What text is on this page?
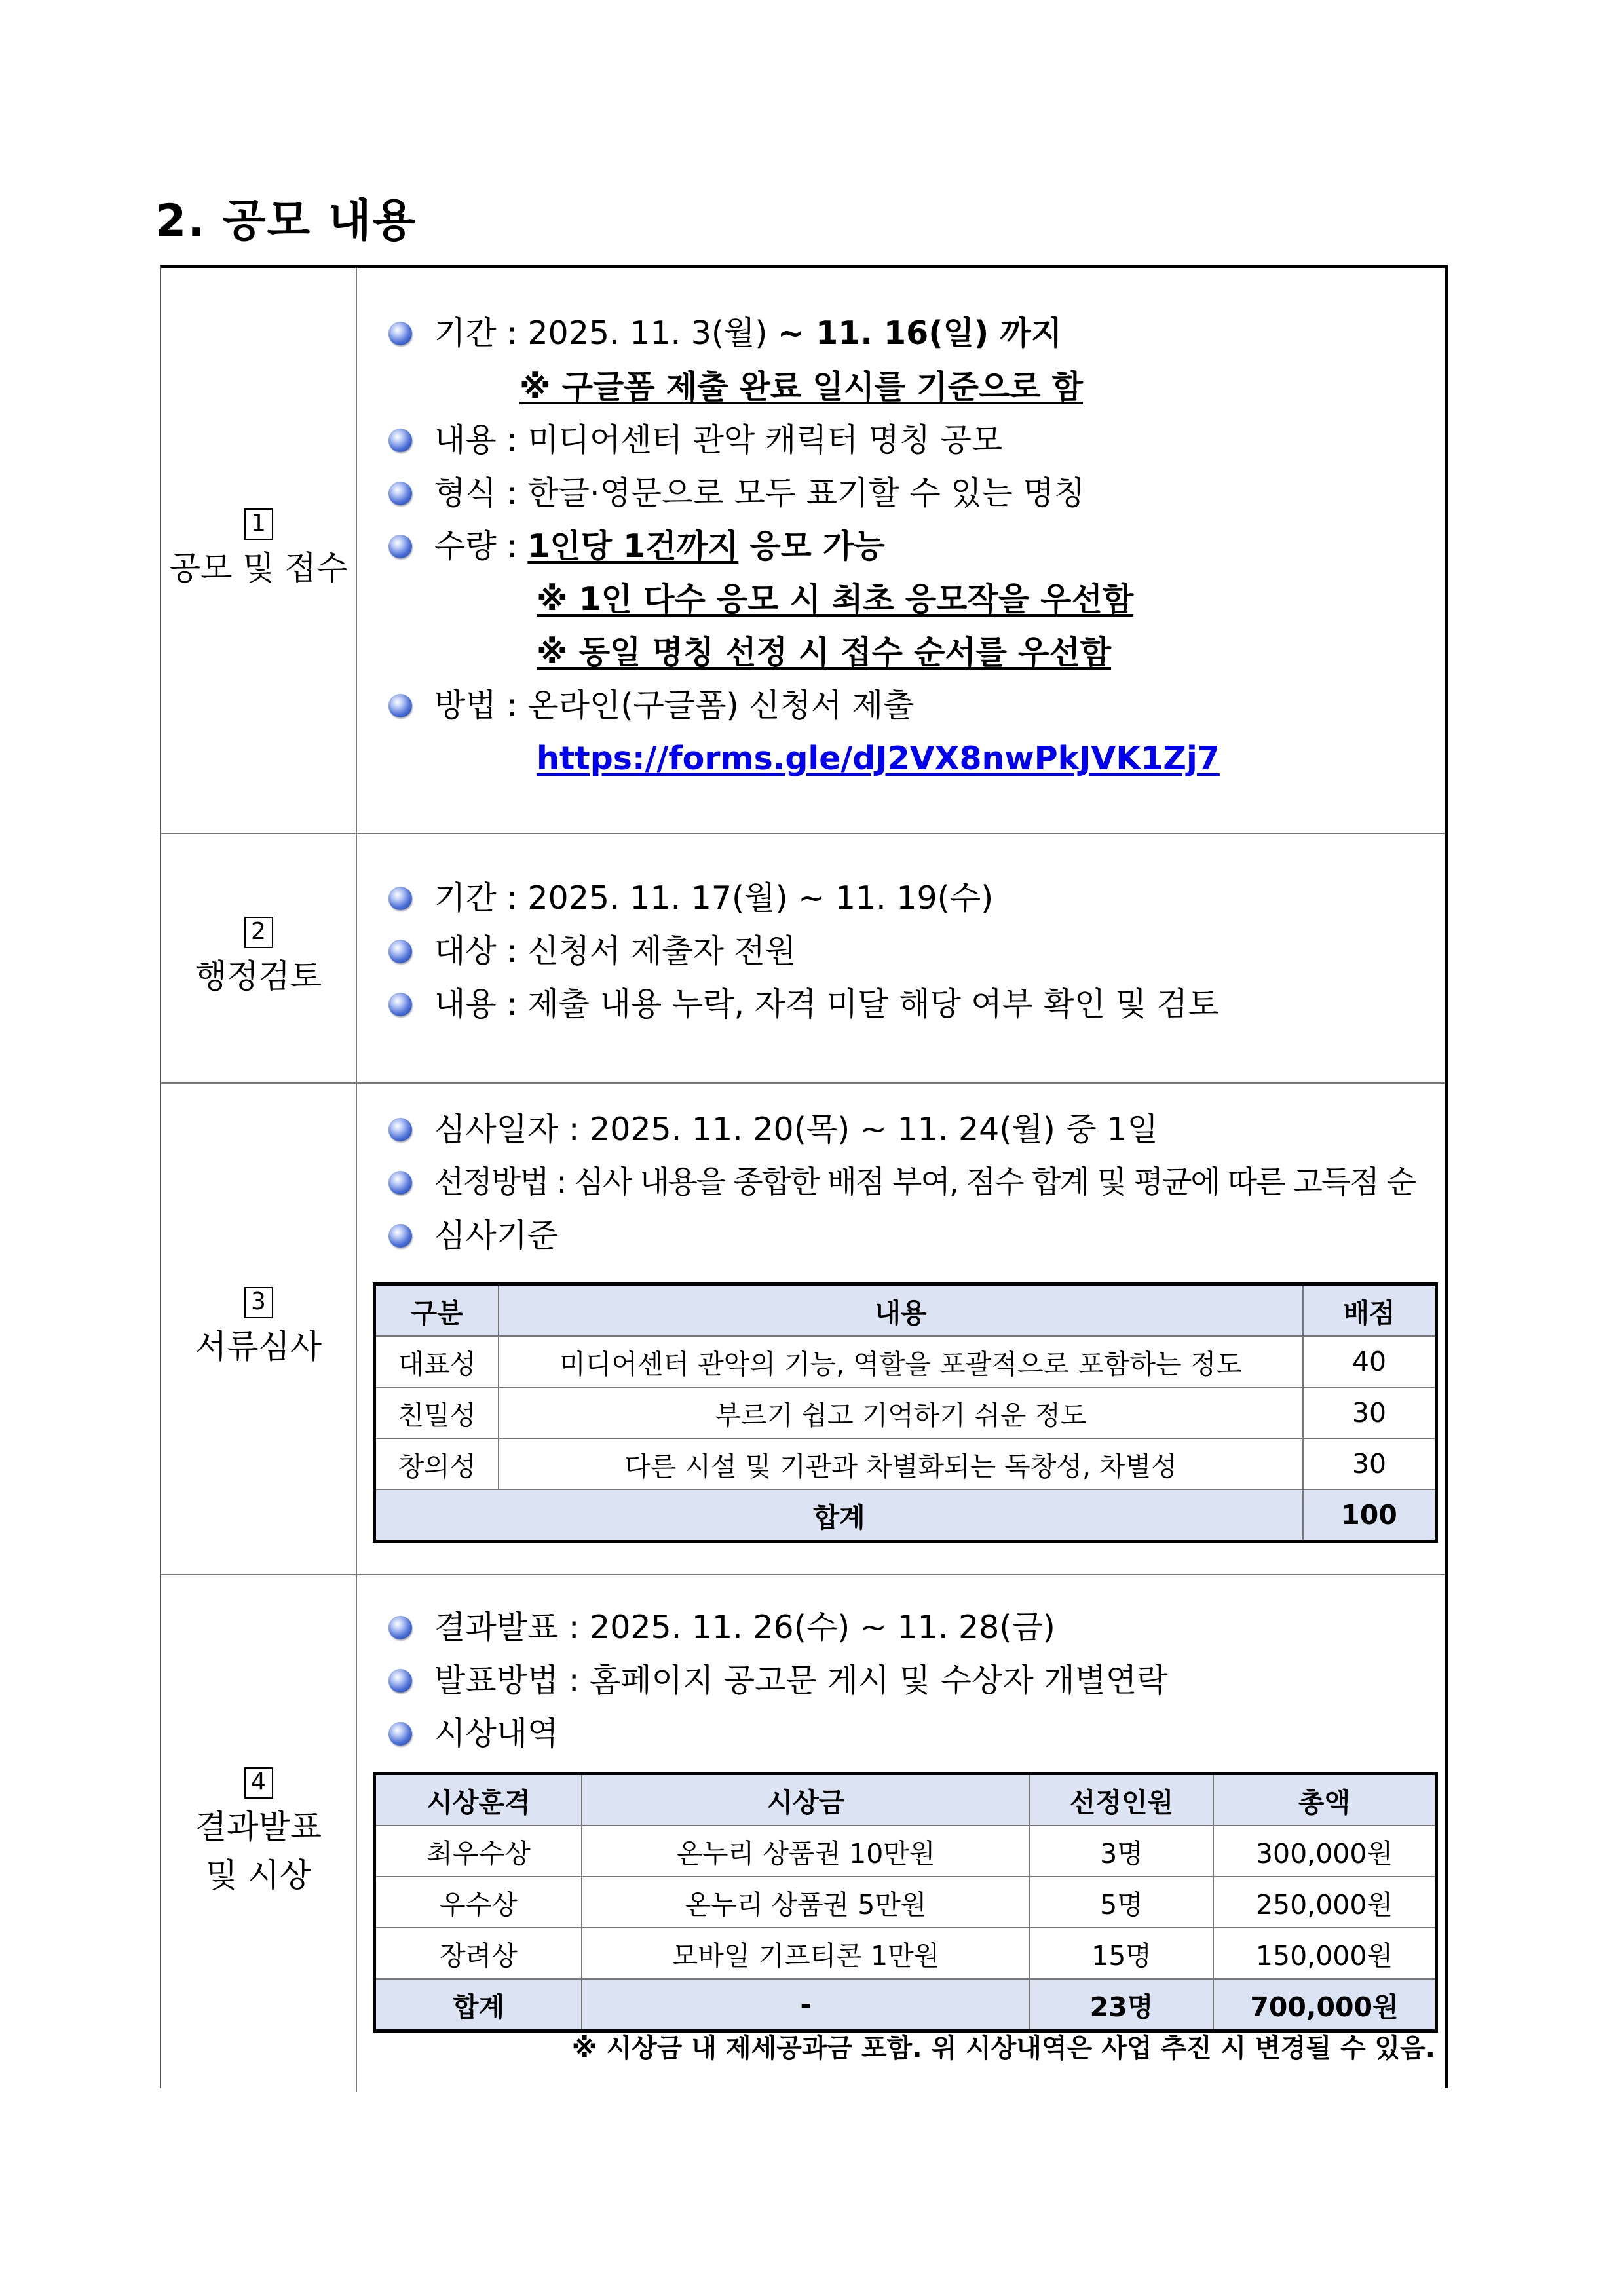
2. 공모 내용
1
공모 및 접수
기간 : 2025. 11. 3(월) ~ 11. 16(일) 까지
※ 구글폼 제출 완료 일시를 기준으로 함
내용 : 미디어센터 관악 캐릭터 명칭 공모
형식 : 한글·영문으로 모두 표기할 수 있는 명칭
수량 : 1인당 1건까지 응모 가능
※ 1인 다수 응모 시 최초 응모작을 우선함
※ 동일 명칭 선정 시 접수 순서를 우선함
방법 : 온라인(구글폼) 신청서 제출
https://forms.gle/dJ2VX8nwPkJVK1Zj7
2
행정검토
기간 : 2025. 11. 17(월) ~ 11. 19(수)
대상 : 신청서 제출자 전원
내용 : 제출 내용 누락, 자격 미달 해당 여부 확인 및 검토
3
서류심사
심사일자 : 2025. 11. 20(목) ~ 11. 24(월) 중 1일
선정방법 : 심사 내용을 종합한 배점 부여, 점수 합계 및 평균에 따른 고득점 순
심사기준
구분	내용	배점
대표성	미디어센터 관악의 기능, 역할을 포괄적으로 포함하는 정도	40
친밀성	부르기 쉽고 기억하기 쉬운 정도	30
창의성	다른 시설 및 기관과 차별화되는 독창성, 차별성	30
합계		100
4
결과발표
및 시상
결과발표 : 2025. 11. 26(수) ~ 11. 28(금)
발표방법 : 홈페이지 공고문 게시 및 수상자 개별연락
시상내역
시상훈격	시상금	선정인원	총액
최우수상	온누리 상품권 10만원	3명	300,000원
우수상	온누리 상품권 5만원	5명	250,000원
장려상	모바일 기프티콘 1만원	15명	150,000원
합계	-	23명	700,000원
※ 시상금 내 제세공과금 포함. 위 시상내역은 사업 추진 시 변경될 수 있음.
